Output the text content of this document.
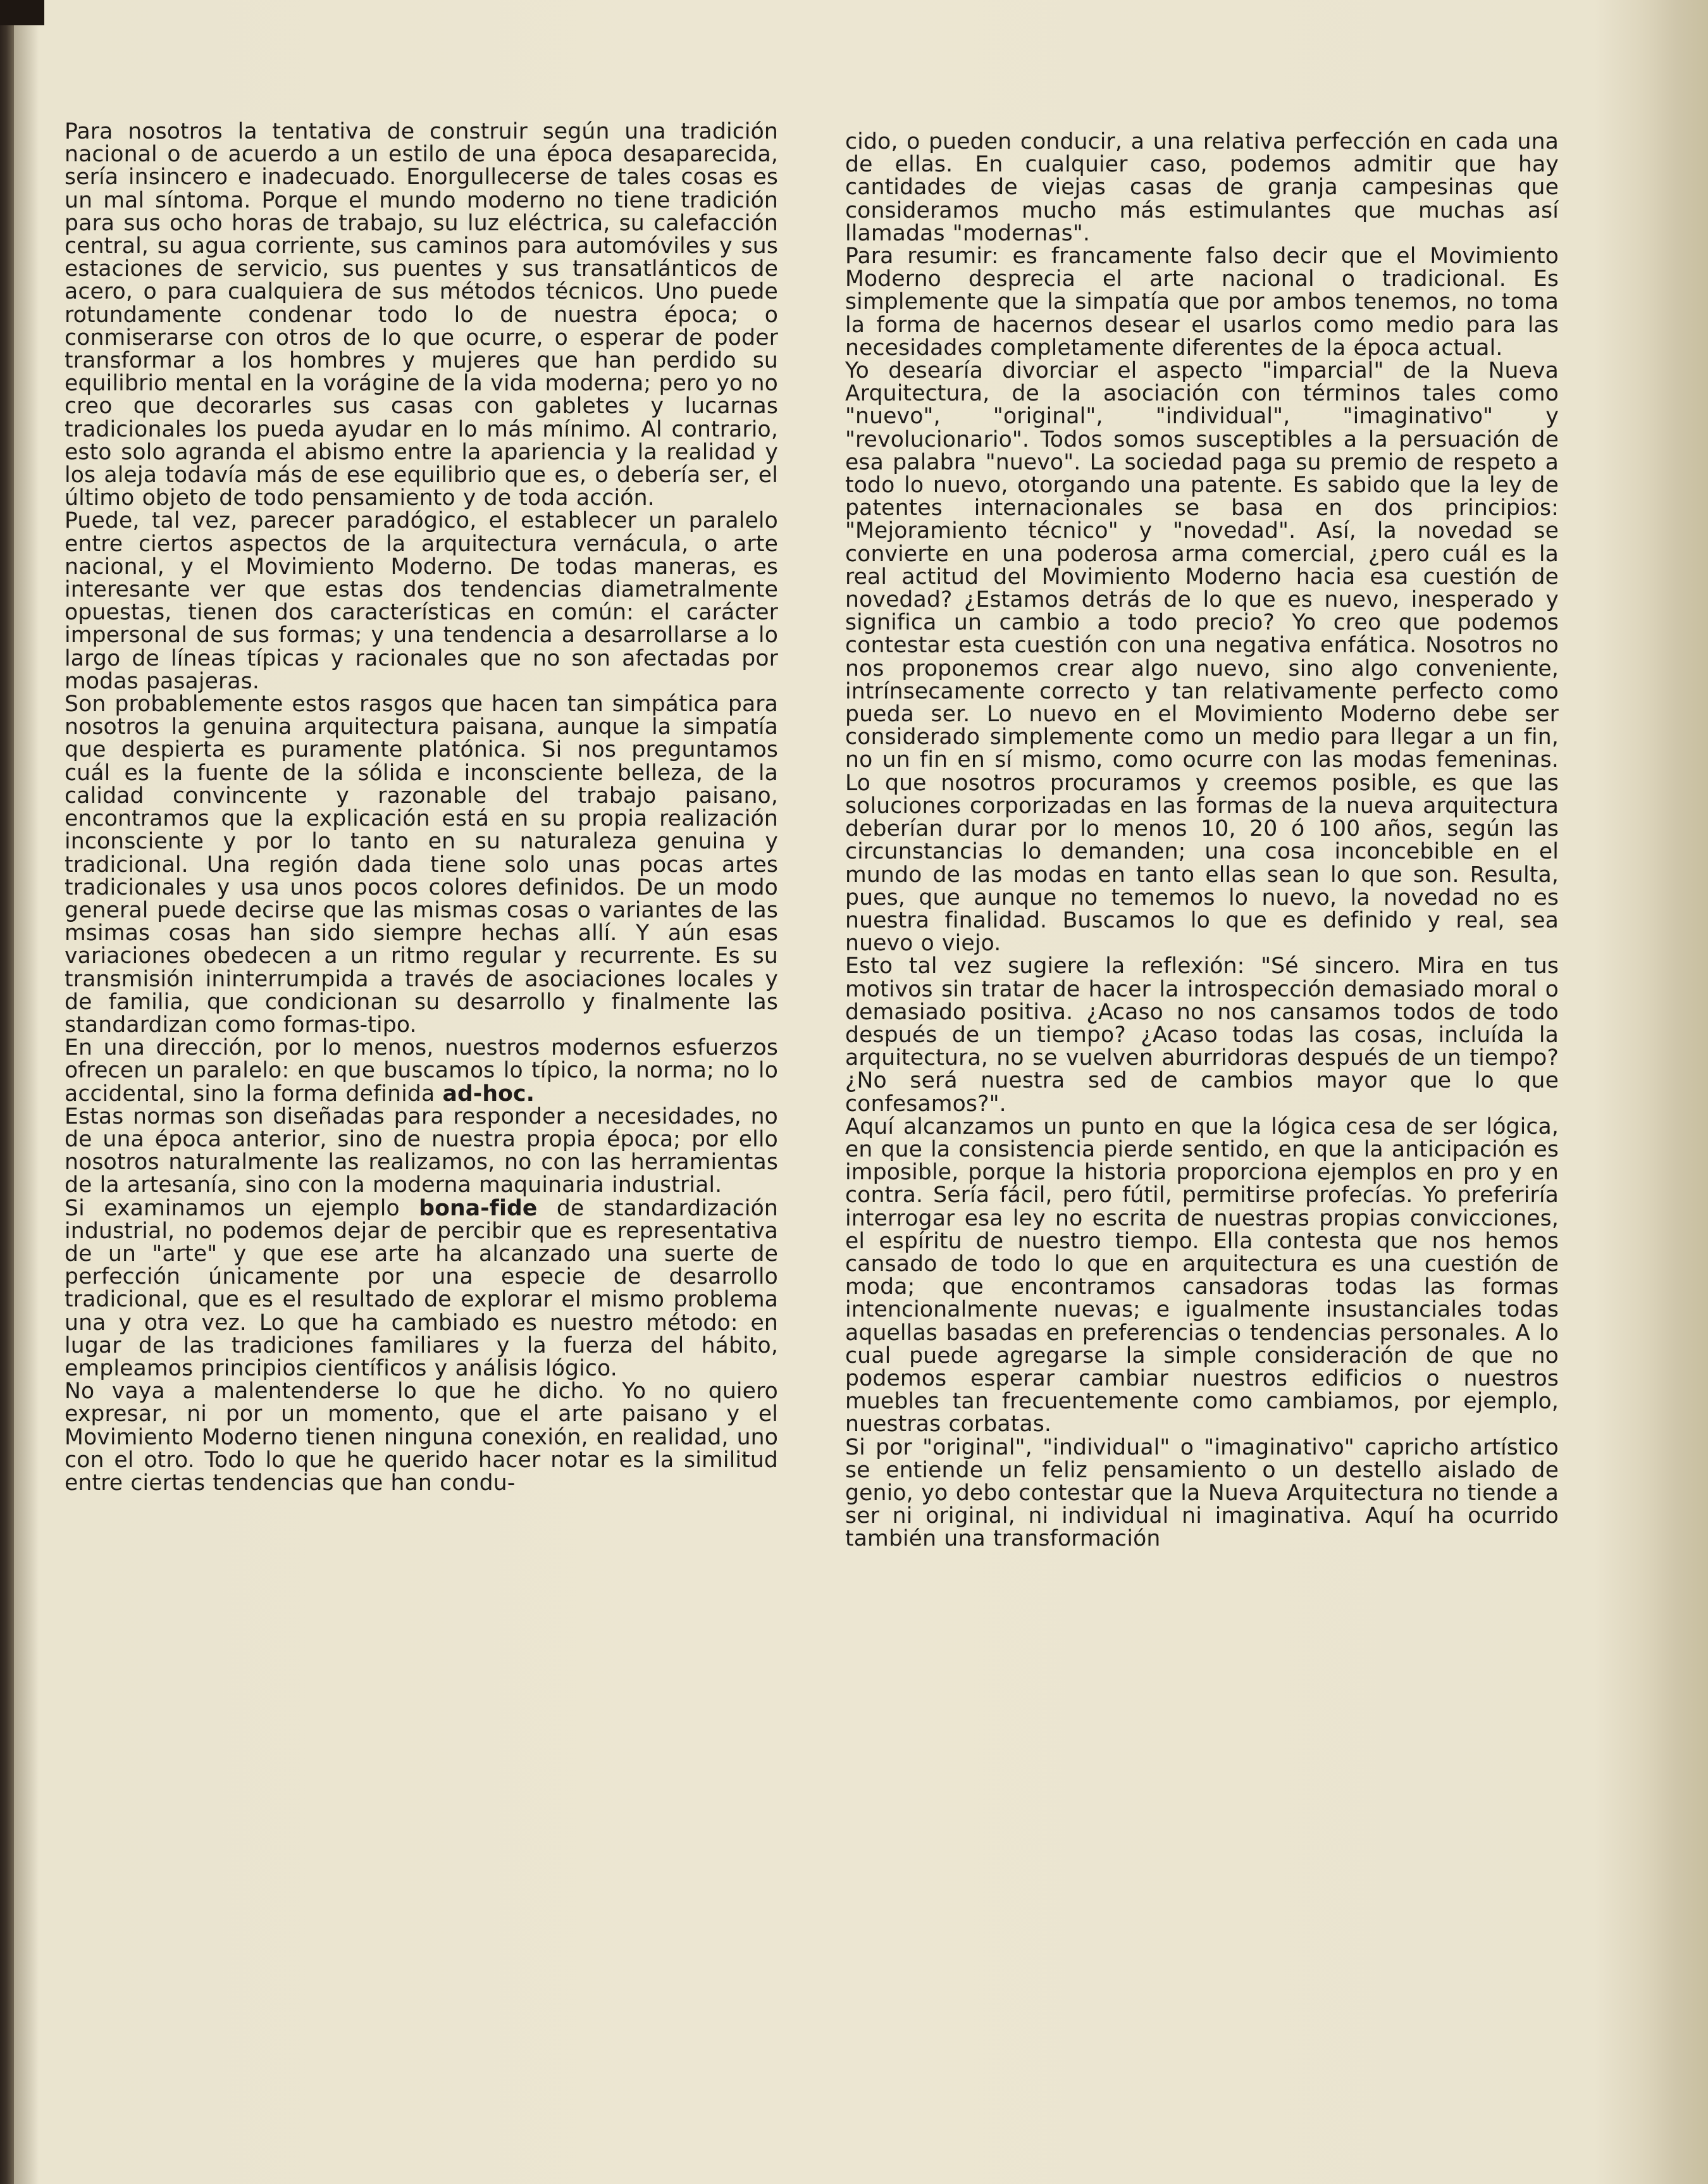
Para nosotros la tentativa de construir según una tradición nacional o de acuerdo a un estilo de una época desaparecida, sería insincero e inadecuado. Enorgullecerse de tales cosas es un mal síntoma. Porque el mundo moderno no tiene tradición para sus ocho horas de trabajo, su luz eléctrica, su calefacción central, su agua corriente, sus caminos para automóviles y sus estaciones de servicio, sus puentes y sus transatlánticos de acero, o para cualquiera de sus métodos técnicos. Uno puede rotundamente condenar todo lo de nuestra época; o conmiserarse con otros de lo que ocurre, o esperar de poder transformar a los hombres y mujeres que han perdido su equilibrio mental en la vorágine de la vida moderna; pero yo no creo que decorarles sus casas con gabletes y lucarnas tradicionales los pueda ayudar en lo más mínimo. Al contrario, esto solo agranda el abismo entre la apariencia y la realidad y los aleja todavía más de ese equilibrio que es, o debería ser, el último objeto de todo pensamiento y de toda acción.

Puede, tal vez, parecer paradógico, el establecer un paralelo entre ciertos aspectos de la arquitectura vernácula, o arte nacional, y el Movimiento Moderno. De todas maneras, es interesante ver que estas dos tendencias diametralmente opuestas, tienen dos características en común: el carácter impersonal de sus formas; y una tendencia a desarrollarse a lo largo de líneas típicas y racionales que no son afectadas por modas pasajeras.

Son probablemente estos rasgos que hacen tan simpática para nosotros la genuina arquitectura paisana, aunque la simpatía que despierta es puramente platónica. Si nos preguntamos cuál es la fuente de la sólida e inconsciente belleza, de la calidad convincente y razonable del trabajo paisano, encontramos que la explicación está en su propia realización inconsciente y por lo tanto en su naturaleza genuina y tradicional. Una región dada tiene solo unas pocas artes tradicionales y usa unos pocos colores definidos. De un modo general puede decirse que las mismas cosas o variantes de las msimas cosas han sido siempre hechas allí. Y aún esas variaciones obedecen a un ritmo regular y recurrente. Es su transmisión ininterrumpida a través de asociaciones locales y de familia, que condicionan su desarrollo y finalmente las standardizan como formas-tipo.

En una dirección, por lo menos, nuestros modernos esfuerzos ofrecen un paralelo: en que buscamos lo típico, la norma; no lo accidental, sino la forma definida ad-hoc.

Estas normas son diseñadas para responder a necesidades, no de una época anterior, sino de nuestra propia época; por ello nosotros naturalmente las realizamos, no con las herramientas de la artesanía, sino con la moderna maquinaria industrial.

Si examinamos un ejemplo bona-fide de standardización industrial, no podemos dejar de percibir que es representativa de un "arte" y que ese arte ha alcanzado una suerte de perfección únicamente por una especie de desarrollo tradicional, que es el resultado de explorar el mismo problema una y otra vez. Lo que ha cambiado es nuestro método: en lugar de las tradiciones familiares y la fuerza del hábito, empleamos principios científicos y análisis lógico.

No vaya a malentenderse lo que he dicho. Yo no quiero expresar, ni por un momento, que el arte paisano y el Movimiento Moderno tienen ninguna conexión, en realidad, uno con el otro. Todo lo que he querido hacer notar es la similitud entre ciertas tendencias que han condu-

cido, o pueden conducir, a una relativa perfección en cada una de ellas. En cualquier caso, podemos admitir que hay cantidades de viejas casas de granja campesinas que consideramos mucho más estimulantes que muchas así llamadas "modernas".

Para resumir: es francamente falso decir que el Movimiento Moderno desprecia el arte nacional o tradicional. Es simplemente que la simpatía que por ambos tenemos, no toma la forma de hacernos desear el usarlos como medio para las necesidades completamente diferentes de la época actual.

Yo desearía divorciar el aspecto "imparcial" de la Nueva Arquitectura, de la asociación con términos tales como "nuevo", "original", "individual", "imaginativo" y "revolucionario". Todos somos susceptibles a la persuación de esa palabra "nuevo". La sociedad paga su premio de respeto a todo lo nuevo, otorgando una patente. Es sabido que la ley de patentes internacionales se basa en dos principios: "Mejoramiento técnico" y "novedad". Así, la novedad se convierte en una poderosa arma comercial, ¿pero cuál es la real actitud del Movimiento Moderno hacia esa cuestión de novedad? ¿Estamos detrás de lo que es nuevo, inesperado y significa un cambio a todo precio? Yo creo que podemos contestar esta cuestión con una negativa enfática. Nosotros no nos proponemos crear algo nuevo, sino algo conveniente, intrínsecamente correcto y tan relativamente perfecto como pueda ser. Lo nuevo en el Movimiento Moderno debe ser considerado simplemente como un medio para llegar a un fin, no un fin en sí mismo, como ocurre con las modas femeninas. Lo que nosotros procuramos y creemos posible, es que las soluciones corporizadas en las formas de la nueva arquitectura deberían durar por lo menos 10, 20 ó 100 años, según las circunstancias lo demanden; una cosa inconcebible en el mundo de las modas en tanto ellas sean lo que son. Resulta, pues, que aunque no tememos lo nuevo, la novedad no es nuestra finalidad. Buscamos lo que es definido y real, sea nuevo o viejo.

Esto tal vez sugiere la reflexión: "Sé sincero. Mira en tus motivos sin tratar de hacer la introspección demasiado moral o demasiado positiva. ¿Acaso no nos cansamos todos de todo después de un tiempo? ¿Acaso todas las cosas, incluída la arquitectura, no se vuelven aburridoras después de un tiempo? ¿No será nuestra sed de cambios mayor que lo que confesamos?".

Aquí alcanzamos un punto en que la lógica cesa de ser lógica, en que la consistencia pierde sentido, en que la anticipación es imposible, porque la historia proporciona ejemplos en pro y en contra. Sería fácil, pero fútil, permitirse profecías. Yo preferiría interrogar esa ley no escrita de nuestras propias convicciones, el espíritu de nuestro tiempo. Ella contesta que nos hemos cansado de todo lo que en arquitectura es una cuestión de moda; que encontramos cansadoras todas las formas intencionalmente nuevas; e igualmente insustanciales todas aquellas basadas en preferencias o tendencias personales. A lo cual puede agregarse la simple consideración de que no podemos esperar cambiar nuestros edificios o nuestros muebles tan frecuentemente como cambiamos, por ejemplo, nuestras corbatas.

Si por "original", "individual" o "imaginativo" capricho artístico se entiende un feliz pensamiento o un destello aislado de genio, yo debo contestar que la Nueva Arquitectura no tiende a ser ni original, ni individual ni imaginativa. Aquí ha ocurrido también una transformación
